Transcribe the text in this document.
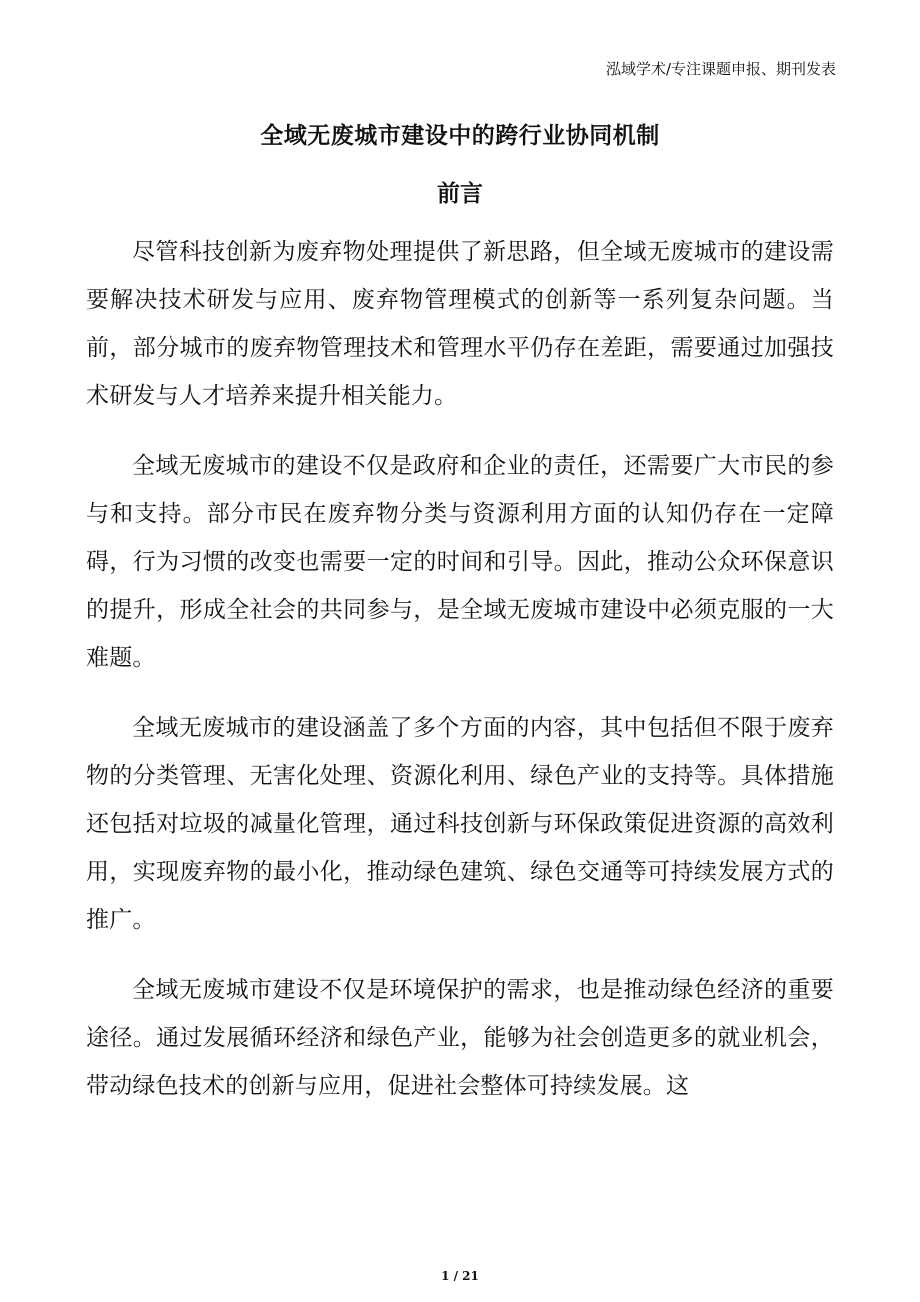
泓域学术/专注课题申报、期刊发表
全域无废城市建设中的跨行业协同机制
前言

尽管科技创新为废弃物处理提供了新思路，但全域无废城市的建设需要解决技术研发与应用、废弃物管理模式的创新等一系列复杂问题。当前，部分城市的废弃物管理技术和管理水平仍存在差距，需要通过加强技术研发与人才培养来提升相关能力。

全域无废城市的建设不仅是政府和企业的责任，还需要广大市民的参与和支持。部分市民在废弃物分类与资源利用方面的认知仍存在一定障碍，行为习惯的改变也需要一定的时间和引导。因此，推动公众环保意识的提升，形成全社会的共同参与，是全域无废城市建设中必须克服的一大难题。

全域无废城市的建设涵盖了多个方面的内容，其中包括但不限于废弃物的分类管理、无害化处理、资源化利用、绿色产业的支持等。具体措施还包括对垃圾的减量化管理，通过科技创新与环保政策促进资源的高效利用，实现废弃物的最小化，推动绿色建筑、绿色交通等可持续发展方式的推广。

全域无废城市建设不仅是环境保护的需求，也是推动绿色经济的重要途径。通过发展循环经济和绿色产业，能够为社会创造更多的就业机会，带动绿色技术的创新与应用，促进社会整体可持续发展。这

1 / 21
